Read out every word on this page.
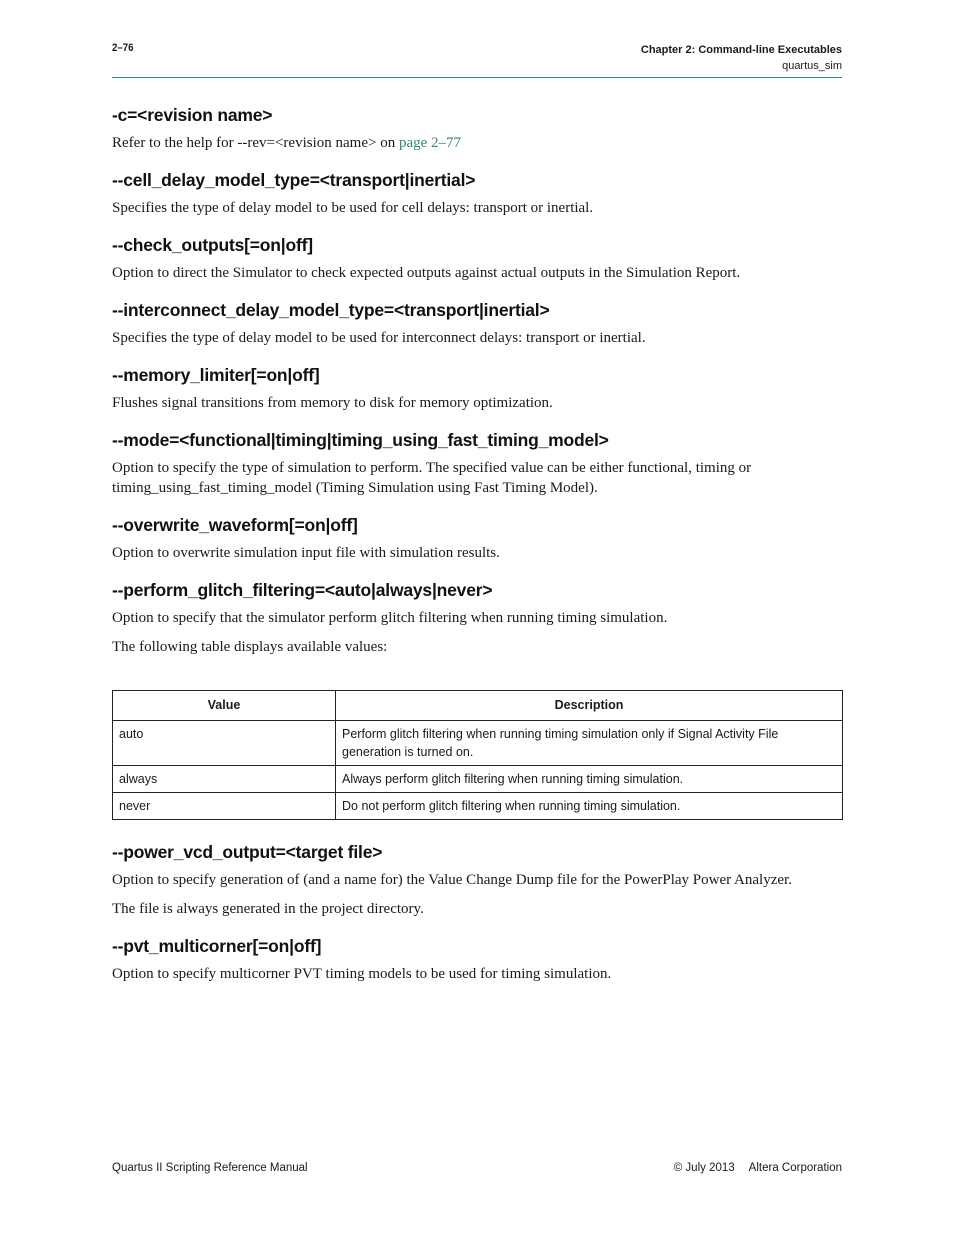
2–76	Chapter 2: Command-line Executables
quartus_sim
-c=<revision name>

Refer to the help for --rev=<revision name> on page 2–77

--cell_delay_model_type=<transport|inertial>

Specifies the type of delay model to be used for cell delays: transport or inertial.

--check_outputs[=on|off]

Option to direct the Simulator to check expected outputs against actual outputs in the Simulation Report.

--interconnect_delay_model_type=<transport|inertial>

Specifies the type of delay model to be used for interconnect delays: transport or inertial.

--memory_limiter[=on|off]

Flushes signal transitions from memory to disk for memory optimization.

--mode=<functional|timing|timing_using_fast_timing_model>

Option to specify the type of simulation to perform. The specified value can be either functional, timing or timing_using_fast_timing_model (Timing Simulation using Fast Timing Model).

--overwrite_waveform[=on|off]

Option to overwrite simulation input file with simulation results.

--perform_glitch_filtering=<auto|always|never>

Option to specify that the simulator perform glitch filtering when running timing simulation.

The following table displays available values:

Value	Description
auto	Perform glitch filtering when running timing simulation only if Signal Activity File generation is turned on.
always	Always perform glitch filtering when running timing simulation.
never	Do not perform glitch filtering when running timing simulation.
--power_vcd_output=<target file>

Option to specify generation of (and a name for) the Value Change Dump file for the PowerPlay Power Analyzer.

The file is always generated in the project directory.

--pvt_multicorner[=on|off]

Option to specify multicorner PVT timing models to be used for timing simulation.

Quartus II Scripting Reference Manual	© July 2013 Altera Corporation
